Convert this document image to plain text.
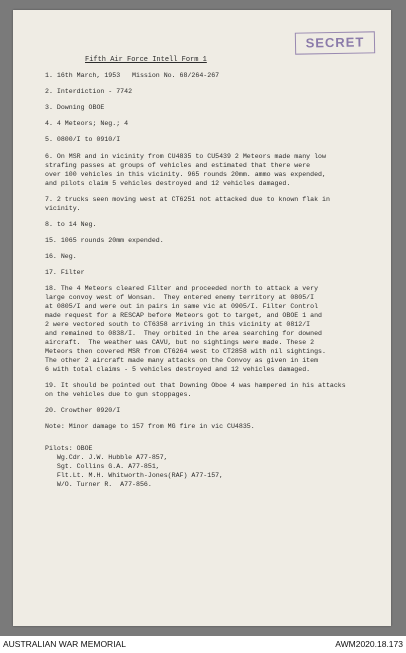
SECRET
Fifth Air Force Intell Form 1
1. 16th March, 1953   Mission No. 68/264-267
2. Interdiction - 7742
3. Downing OBOE
4. 4 Meteors; Neg.; 4
5. 0800/I to 0910/I
6. On MSR and in vicinity from CU4835 to CU5439 2 Meteors made many low
strafing passes at groups of vehicles and estimated that there were
over 100 vehicles in this vicinity. 965 rounds 20mm. ammo was expended,
and pilots claim 5 vehicles destroyed and 12 vehicles damaged.
7. 2 trucks seen moving west at CT6251 not attacked due to known flak in
vicinity.
8. to 14 Neg.
15. 1065 rounds 20mm expended.
16. Neg.
17. Filter
18. The 4 Meteors cleared Filter and proceeded north to attack a very
large convoy west of Wonsan.  They entered enemy territory at 0805/I
at 0805/I and were out in pairs in same vic at 0905/I. Filter Control
made request for a RESCAP before Meteors got to target, and OBOE 1 and
2 were vectored south to CT6358 arriving in this vicinity at 0812/I
and remained to 0838/I.  They orbited in the area searching for downed
aircraft.  The weather was CAVU, but no sightings were made. These 2
Meteors then covered MSR from CT6264 west to CT2858 with nil sightings.
The other 2 aircraft made many attacks on the Convoy as given in item
6 with total claims - 5 vehicles destroyed and 12 vehicles damaged.
19. It should be pointed out that Downing Oboe 4 was hampered in his attacks
on the vehicles due to gun stoppages.
20. Crowther 0920/I
Note: Minor damage to 157 from MG fire in vic CU4835.
Pilots: OBOE
Wg.Cdr. J.W. Hubble A77-857,
Sgt. Collins G.A. A77-851,
Flt.Lt. M.H. Whitworth-Jones(RAF) A77-157,
W/O. Turner R.  A77-856.
AUSTRALIAN WAR MEMORIAL	AWM2020.18.173
